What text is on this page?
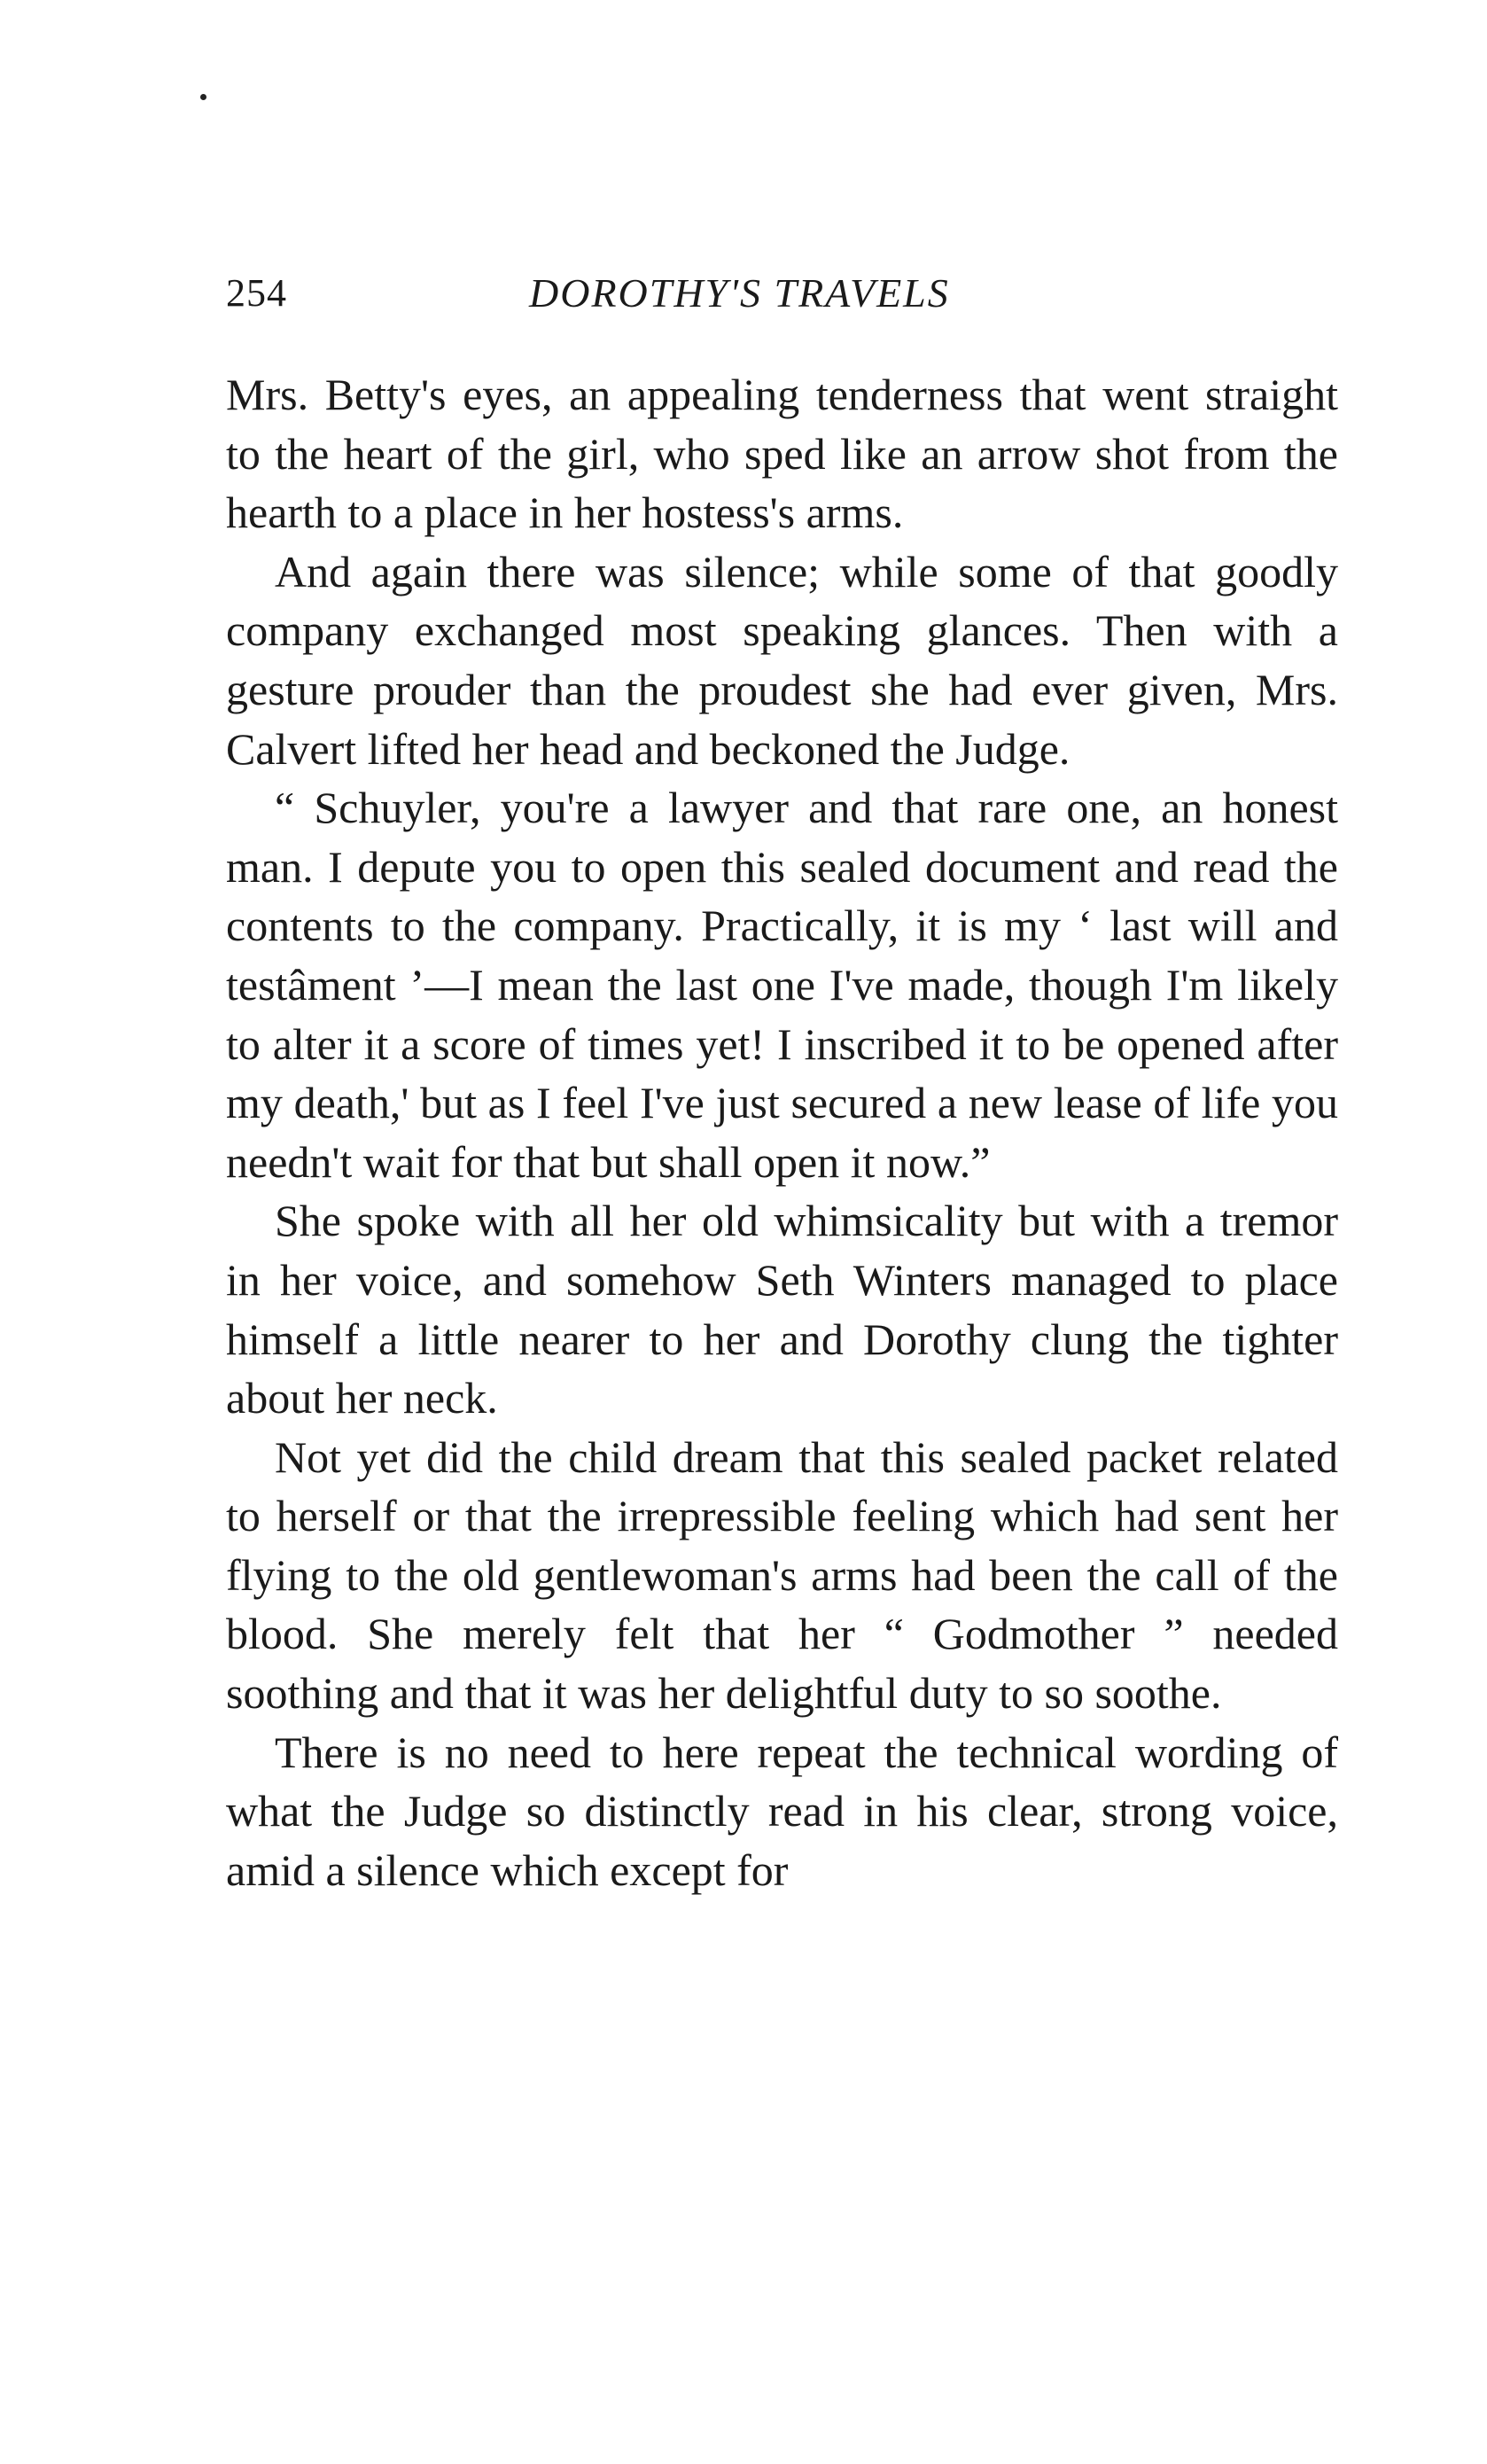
254	DOROTHY'S TRAVELS

Mrs. Betty's eyes, an appealing tenderness that went straight to the heart of the girl, who sped like an arrow shot from the hearth to a place in her hostess's arms.

And again there was silence; while some of that goodly company exchanged most speaking glances. Then with a gesture prouder than the proudest she had ever given, Mrs. Calvert lifted her head and beckoned the Judge.

“ Schuyler, you're a lawyer and that rare one, an honest man. I depute you to open this sealed document and read the contents to the company. Practically, it is my ‘ last will and testâment ’—I mean the last one I've made, though I'm likely to alter it a score of times yet! I inscribed it to be opened after my death,' but as I feel I've just secured a new lease of life you needn't wait for that but shall open it now.”

She spoke with all her old whimsicality but with a tremor in her voice, and somehow Seth Winters managed to place himself a little nearer to her and Dorothy clung the tighter about her neck.

Not yet did the child dream that this sealed packet related to herself or that the irrepressible feeling which had sent her flying to the old gentlewoman's arms had been the call of the blood. She merely felt that her “ Godmother ” needed soothing and that it was her delightful duty to so soothe.

There is no need to here repeat the technical wording of what the Judge so distinctly read in his clear, strong voice, amid a silence which except for
